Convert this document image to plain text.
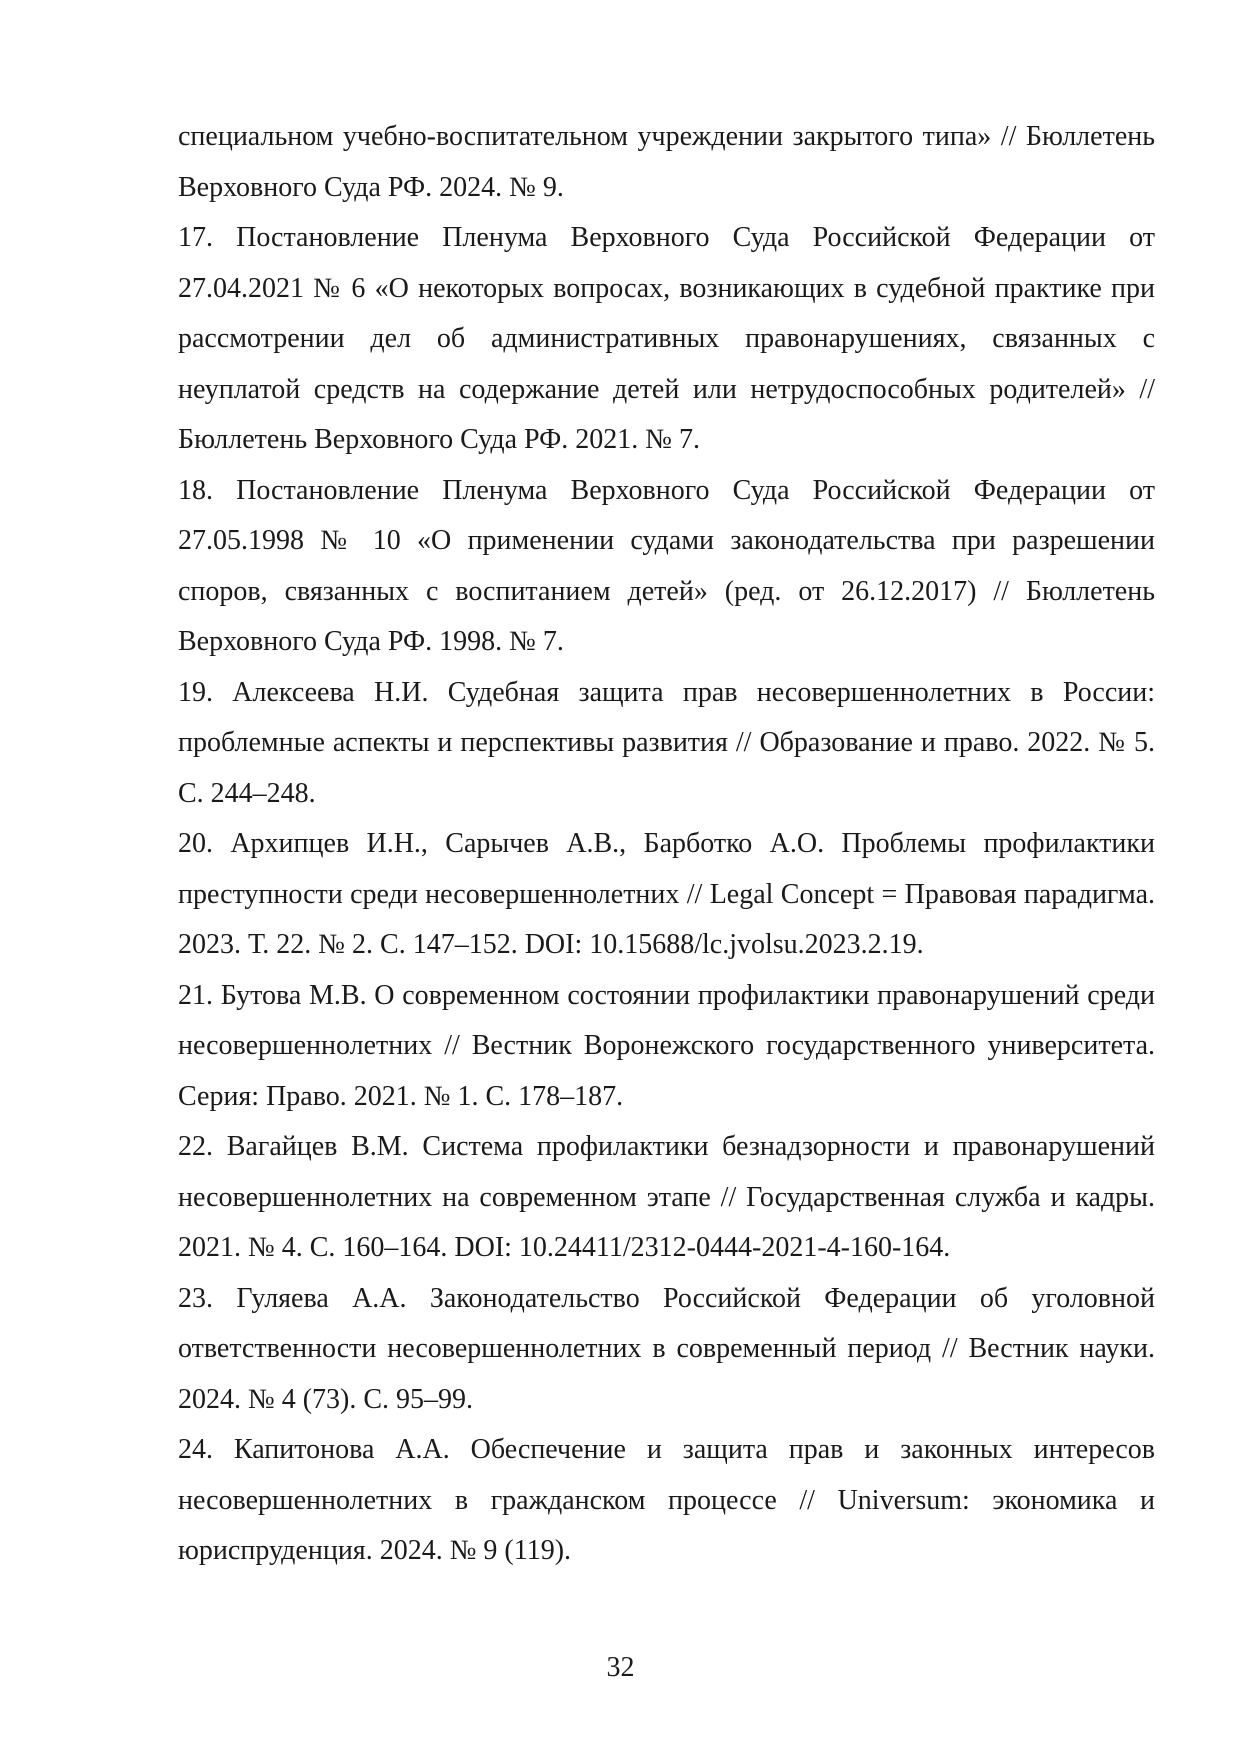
специальном учебно-воспитательном учреждении закрытого типа» // Бюллетень Верховного Суда РФ. 2024. № 9.

17. Постановление Пленума Верховного Суда Российской Федерации от 27.04.2021 № 6 «О некоторых вопросах, возникающих в судебной практике при рассмотрении дел об административных правонарушениях, связанных с неуплатой средств на содержание детей или нетрудоспособных родителей» // Бюллетень Верховного Суда РФ. 2021. № 7.

18. Постановление Пленума Верховного Суда Российской Федерации от 27.05.1998 № 10 «О применении судами законодательства при разрешении споров, связанных с воспитанием детей» (ред. от 26.12.2017) // Бюллетень Верховного Суда РФ. 1998. № 7.

19. Алексеева Н.И. Судебная защита прав несовершеннолетних в России: проблемные аспекты и перспективы развития // Образование и право. 2022. № 5. С. 244–248.

20. Архипцев И.Н., Сарычев А.В., Барботко А.О. Проблемы профилактики преступности среди несовершеннолетних // Legal Concept = Правовая парадигма. 2023. Т. 22. № 2. С. 147–152. DOI: 10.15688/lc.jvolsu.2023.2.19.

21. Бутова М.В. О современном состоянии профилактики правонарушений среди несовершеннолетних // Вестник Воронежского государственного университета. Серия: Право. 2021. № 1. С. 178–187.

22. Вагайцев В.М. Система профилактики безнадзорности и правонарушений несовершеннолетних на современном этапе // Государственная служба и кадры. 2021. № 4. С. 160–164. DOI: 10.24411/2312-0444-2021-4-160-164.

23. Гуляева А.А. Законодательство Российской Федерации об уголовной ответственности несовершеннолетних в современный период // Вестник науки. 2024. № 4 (73). С. 95–99.

24. Капитонова А.А. Обеспечение и защита прав и законных интересов несовершеннолетних в гражданском процессе // Universum: экономика и юриспруденция. 2024. № 9 (119).

32
